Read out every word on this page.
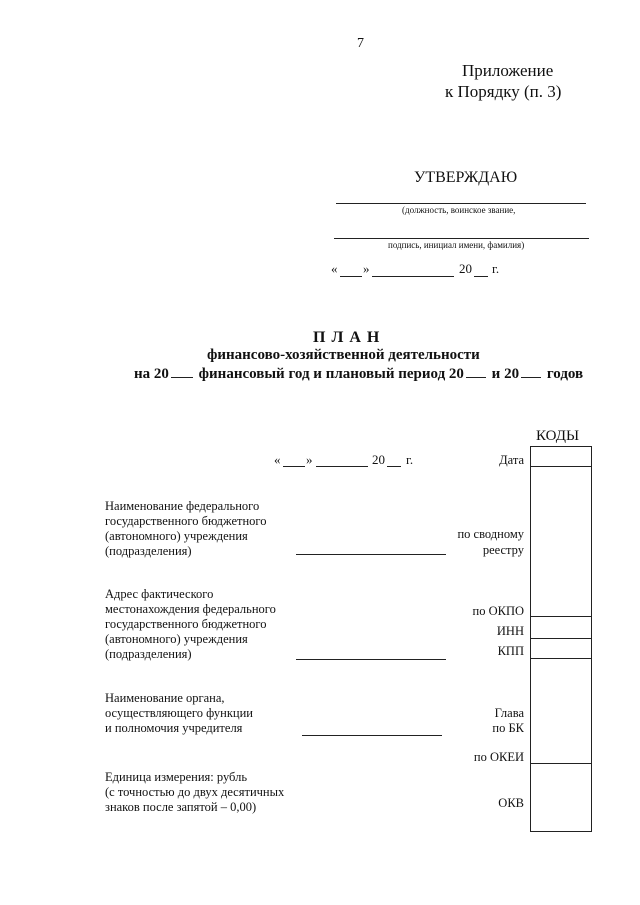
7
Приложение
к Порядку (п. 3)
УТВЕРЖДАЮ
(должность, воинское звание,
подпись, инициал имени, фамилия)
« »	20 г.
П Л А Н
финансово-хозяйственной деятельности
на 20 финансовый год и плановый период 20 и 20 годов
« »	20 г.
Наименование федерального
государственного бюджетного
(автономного) учреждения
(подразделения)
Адрес фактического
местонахождения федерального
государственного бюджетного
(автономного) учреждения
(подразделения)
Наименование органа,
осуществляющего функции
и полномочия учредителя
Единица измерения: рубль
(с точностью до двух десятичных
знаков после запятой – 0,00)
КОДЫ
Дата
по сводному
реестру
по ОКПО
ИНН
КПП
Глава
по БК
по ОКЕИ
ОКВ
